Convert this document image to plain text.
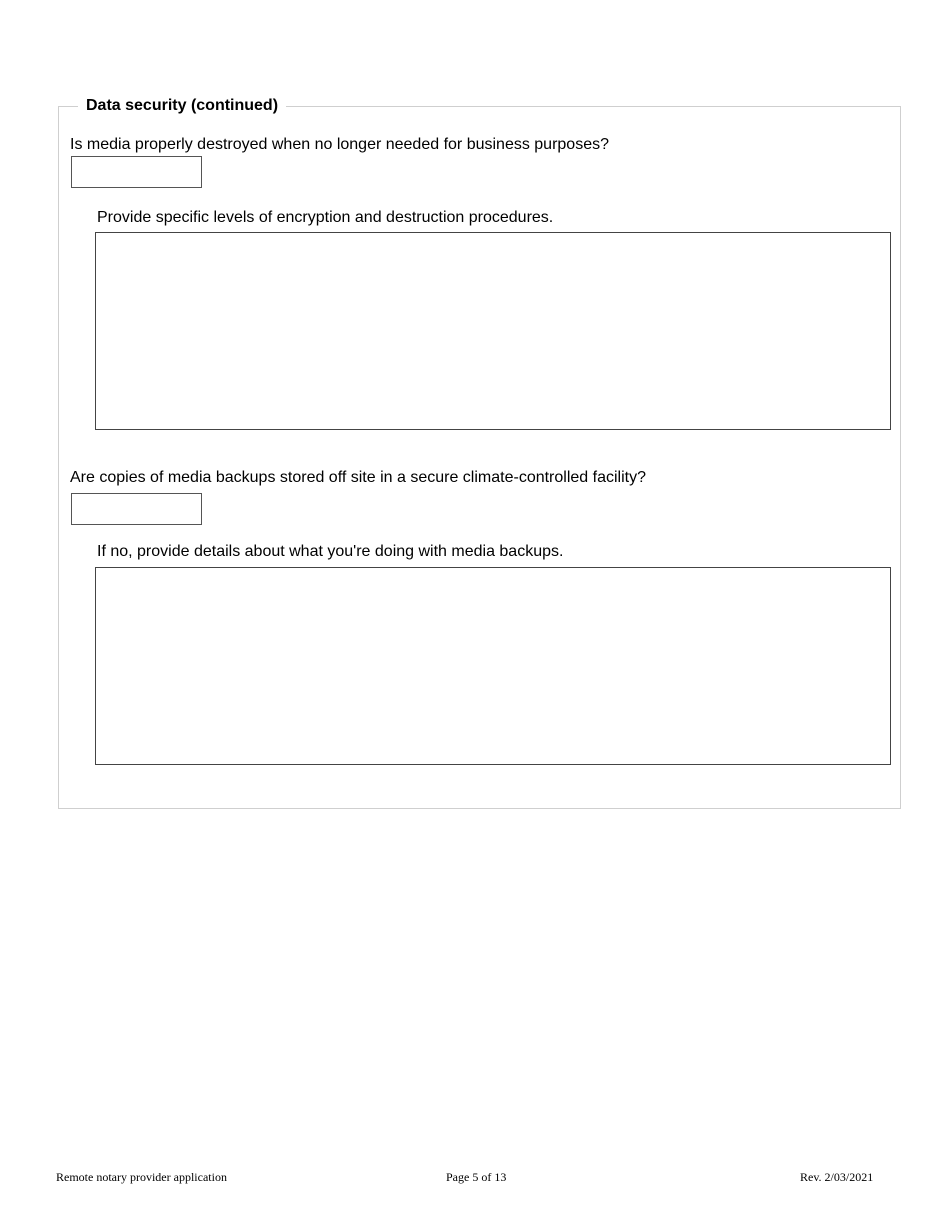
Data security (continued)
Is media properly destroyed when no longer needed for business purposes?
Provide specific levels of encryption and destruction procedures.
Are copies of media backups stored off site in a secure climate-controlled facility?
If no, provide details about what you're doing with media backups.
Remote notary provider application	Page 5 of 13	Rev. 2/03/2021
